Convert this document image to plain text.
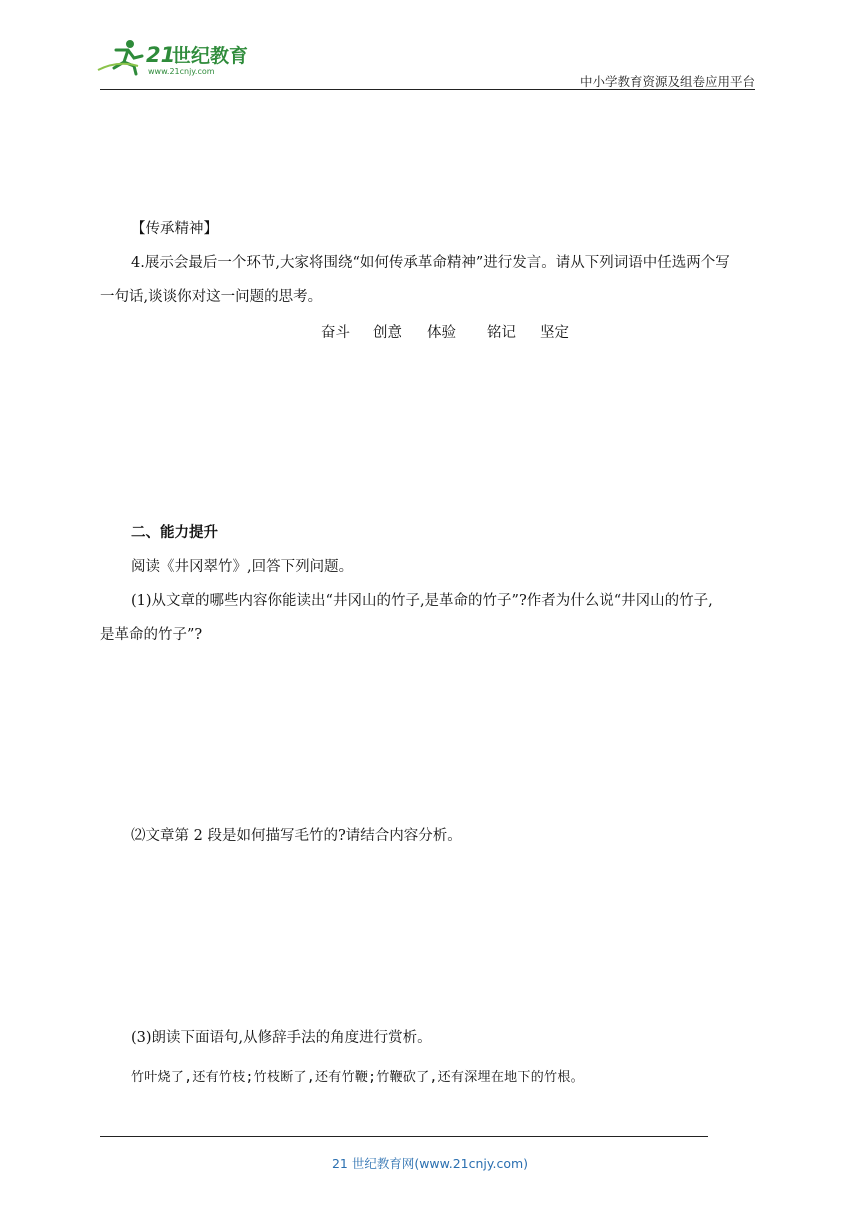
21
世纪教育
www.21cnjy.com
中小学教育资源及组卷应用平台
【传承精神】
4.展示会最后一个环节,大家将围绕“如何传承革命精神”进行发言。请从下列词语中任选两个写
一句话,谈谈你对这一问题的思考。
奋斗 创意 体验 铭记 坚定
二、能力提升
阅读《井冈翠竹》,回答下列问题。
(1)从文章的哪些内容你能读出“井冈山的竹子,是革命的竹子”?作者为什么说“井冈山的竹子,
是革命的竹子”?
⑵文章第 2 段是如何描写毛竹的?请结合内容分析。
(3)朗读下面语句,从修辞手法的角度进行赏析。
竹叶烧了,还有竹枝;竹枝断了,还有竹鞭;竹鞭砍了,还有深埋在地下的竹根。
21 世纪教育网(www.21cnjy.com)
